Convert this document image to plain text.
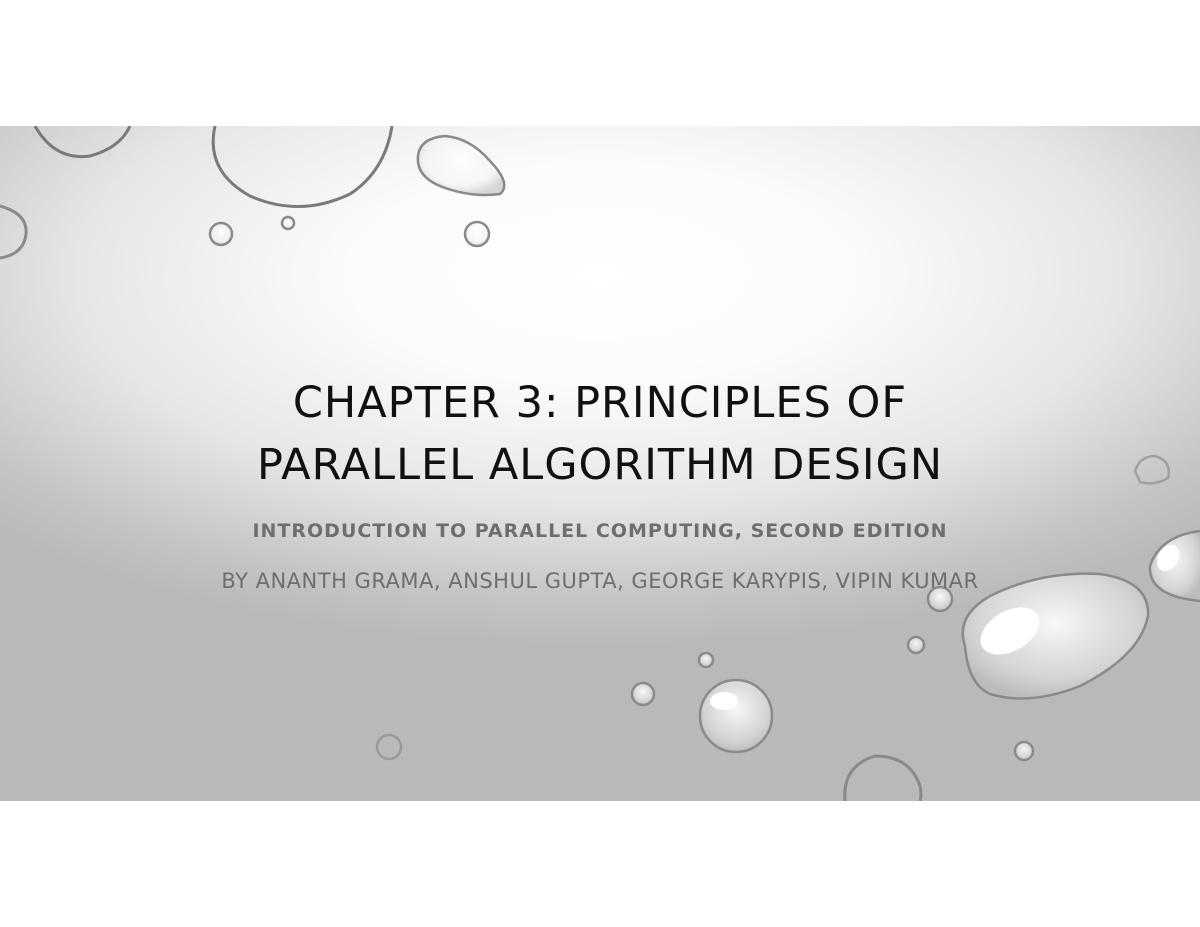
CHAPTER 3: PRINCIPLES OF
PARALLEL ALGORITHM DESIGN

INTRODUCTION TO PARALLEL COMPUTING, SECOND EDITION

BY ANANTH GRAMA, ANSHUL GUPTA, GEORGE KARYPIS, VIPIN KUMAR
